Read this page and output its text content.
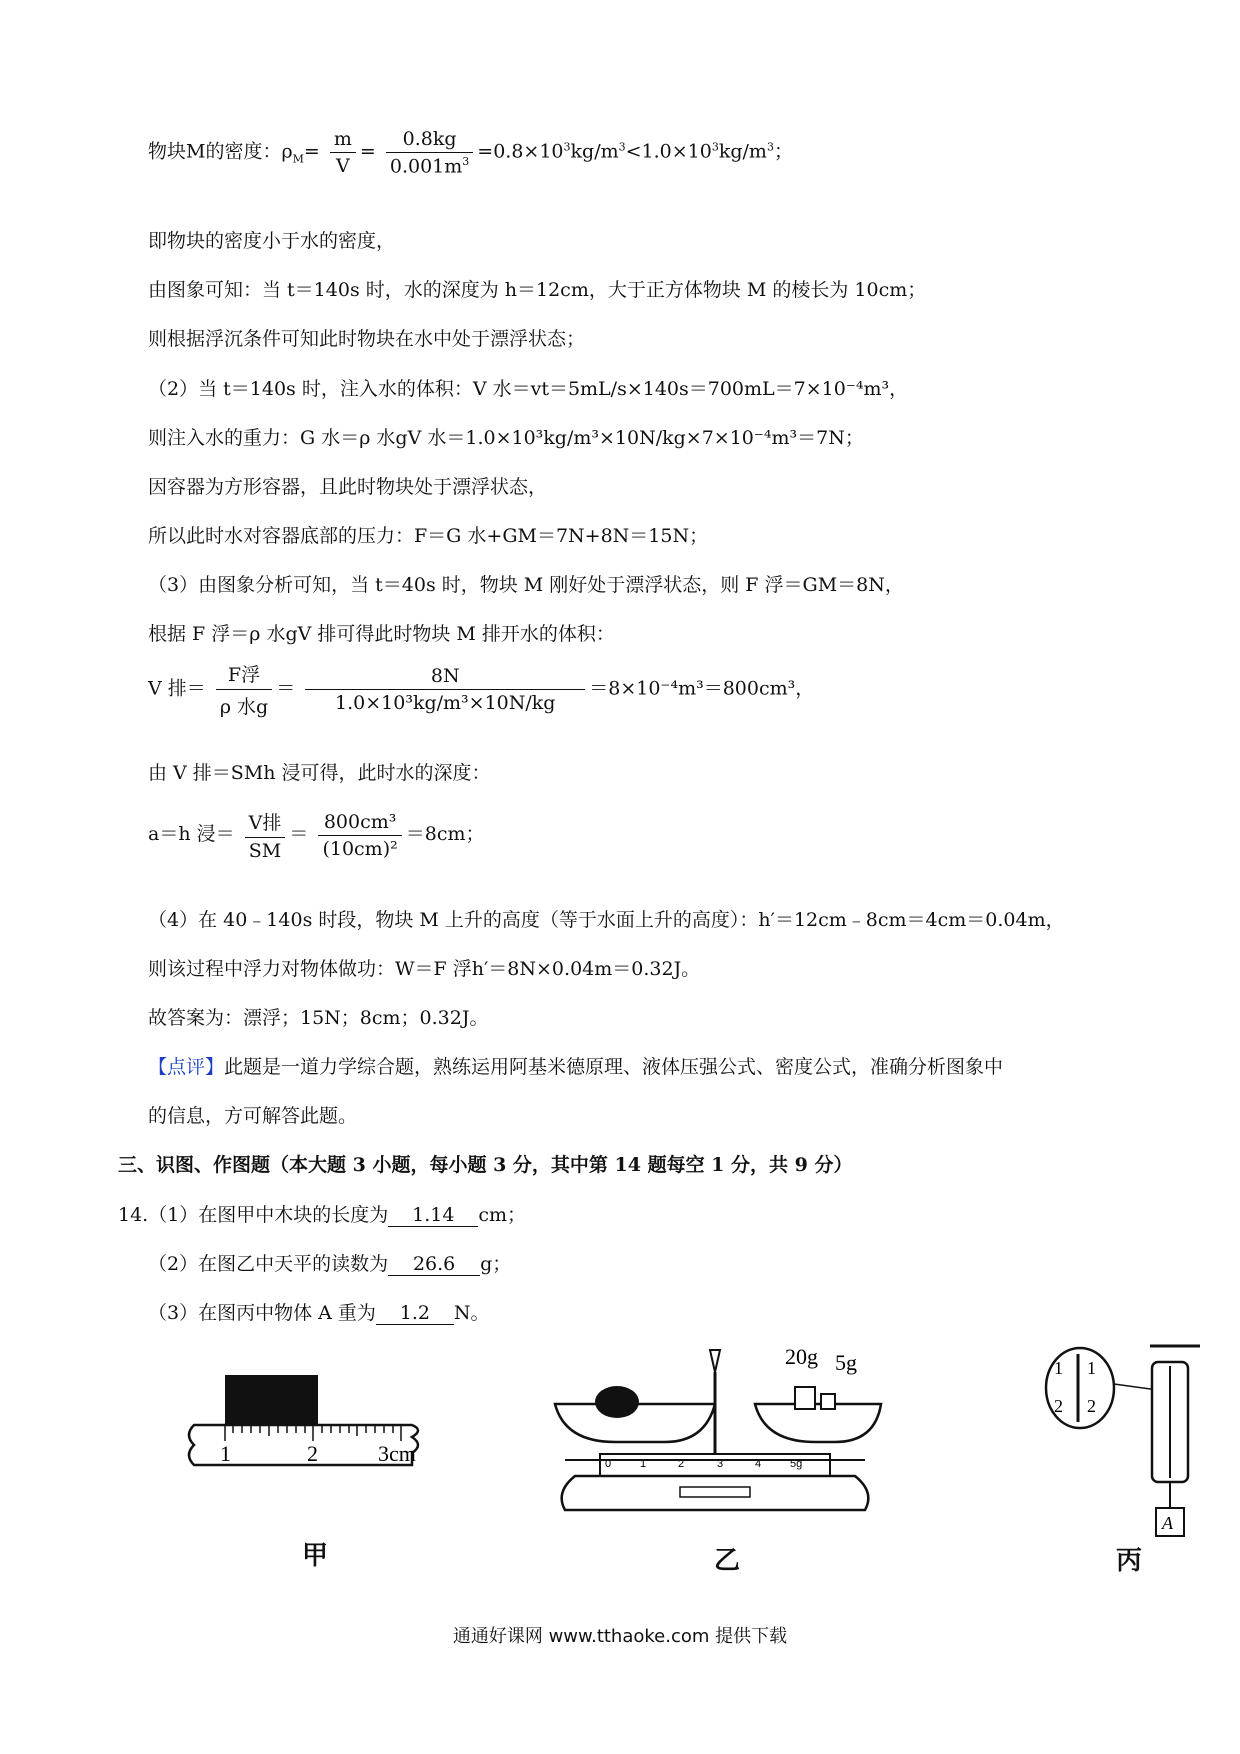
物块M的密度：$\rho_M= \frac{m}{V} = \frac{0.8kg}{0.001m^3} =0.8\times 10^3kg/m^3<1.0\times 10^3kg/m^3$；
即物块的密度小于水的密度，
由图象可知：当 t＝140s 时，水的深度为 h＝12cm，大于正方体物块 M 的棱长为 10cm；
则根据浮沉条件可知此时物块在水中处于漂浮状态；
（2）当 t＝140s 时，注入水的体积：V 水＝vt＝5mL/s×140s＝700mL＝7×10⁻⁴m³，
则注入水的重力：G 水＝ρ 水gV 水＝1.0×10³kg/m³×10N/kg×7×10⁻⁴m³＝7N；
因容器为方形容器，且此时物块处于漂浮状态，
所以此时水对容器底部的压力：F＝G 水+GM＝7N+8N＝15N；
（3）由图象分析可知，当 t＝40s 时，物块 M 刚好处于漂浮状态，则 F 浮＝GM＝8N，
根据 F 浮＝ρ 水gV 排可得此时物块 M 排开水的体积：
V 排＝ $\frac{\text{F浮}}{\text{ρ 水g}} = \frac{8N}{\text{1.0×10³kg/m³×10N/kg}} =8\times 10^{-4}m^3=800cm^3$，
由 V 排＝SMh 浸可得，此时水的深度：
a＝h 浸＝ $\frac{\text{V排}}{SM} = \frac{\text{800cm³}}{\text{(10cm)²}} =8cm$；
（4）在 40﹣140s 时段，物块 M 上升的高度（等于水面上升的高度）：h′＝12cm﹣8cm＝4cm＝0.04m，
则该过程中浮力对物体做功：W＝F 浮h′＝8N×0.04m＝0.32J。
故答案为：漂浮；15N；8cm；0.32J。
【点评】此题是一道力学综合题，熟练运用阿基米德原理、液体压强公式、密度公式，准确分析图象中
的信息，方可解答此题。
三、识图、作图题（本大题 3 小题，每小题 3 分，其中第 14 题每空 1 分，共 9 分）
14.（1）在图甲中木块的长度为 1.14 cm；
（2）在图乙中天平的读数为 26.6 g；
（3）在图丙中物体 A 重为 1.2 N。
1	2	3cm
甲
20g 5g
0	1	2	3	4	5g
乙
1 1
2 2
A
丙
通通好课网 www.tthaoke.com 提供下载
